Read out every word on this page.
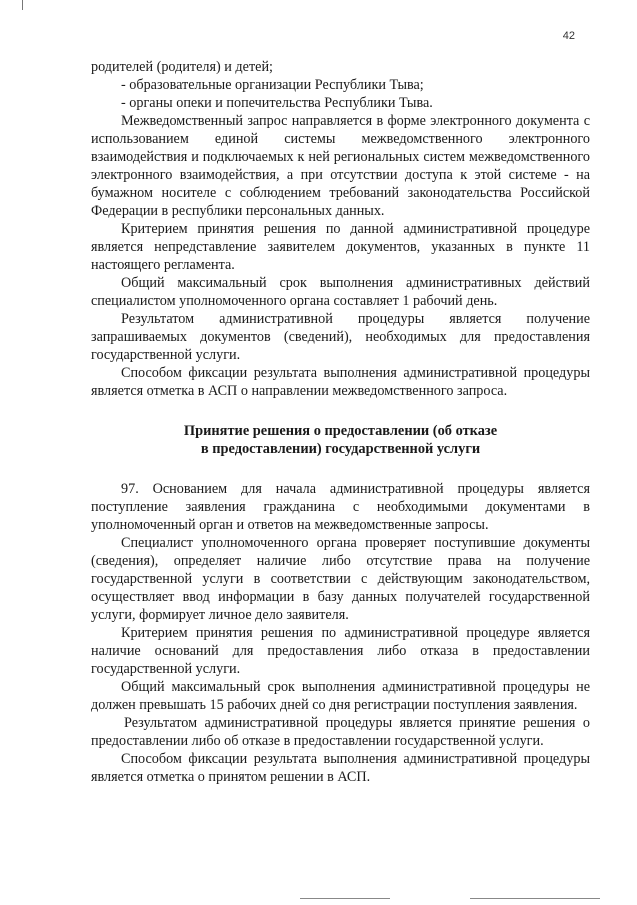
42

родителей (родителя) и детей;

- образовательные организации Республики Тыва;

- органы опеки и попечительства Республики Тыва.

Межведомственный запрос направляется в форме электронного документа с использованием единой системы межведомственного электронного взаимодействия и подключаемых к ней региональных систем межведомственного электронного взаимодействия, а при отсутствии доступа к этой системе - на бумажном носителе с соблюдением требований законодательства Российской Федерации в республики персональных данных.

Критерием принятия решения по данной административной процедуре является непредставление заявителем документов, указанных в пункте 11 настоящего регламента.

Общий максимальный срок выполнения административных действий специалистом уполномоченного органа составляет 1 рабочий день.

Результатом административной процедуры является получение запрашиваемых документов (сведений), необходимых для предоставления государственной услуги.

Способом фиксации результата выполнения административной процедуры является отметка в АСП о направлении межведомственного запроса.

Принятие решения о предоставлении (об отказе
в предоставлении) государственной услуги

97. Основанием для начала административной процедуры является поступление заявления гражданина с необходимыми документами в уполномоченный орган и ответов на межведомственные запросы.

Специалист уполномоченного органа проверяет поступившие документы (сведения), определяет наличие либо отсутствие права на получение государственной услуги в соответствии с действующим законодательством, осуществляет ввод информации в базу данных получателей государственной услуги, формирует личное дело заявителя.

Критерием принятия решения по административной процедуре является наличие оснований для предоставления либо отказа в предоставлении государственной услуги.

Общий максимальный срок выполнения административной процедуры не должен превышать 15 рабочих дней со дня регистрации поступления заявления.

Результатом административной процедуры является принятие решения о предоставлении либо об отказе в предоставлении государственной услуги.

Способом фиксации результата выполнения административной процедуры является отметка о принятом решении в АСП.
